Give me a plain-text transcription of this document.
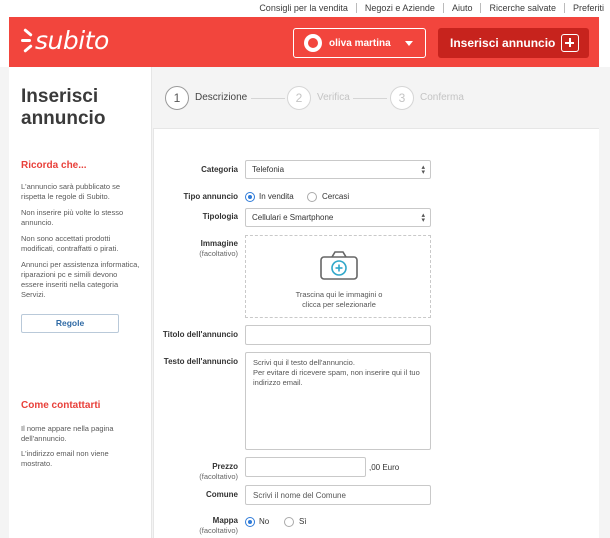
Consigli per la vendita Negozi e Aziende Aiuto Ricerche salvate Preferiti
subito	oliva martina	Inserisci annuncio
Inserisci annuncio
Ricorda che...
L'annuncio sarà pubblicato se rispetta le regole di Subito.
Non inserire più volte lo stesso annuncio.
Non sono accettati prodotti modificati, contraffatti o pirati.
Annunci per assistenza informatica, riparazioni pc e simili devono essere inseriti nella categoria Servizi.
Regole
Come contattarti
Il nome appare nella pagina dell'annuncio.
L'indirizzo email non viene mostrato.
1	Descrizione	2	Verifica	3	Conferma
Categoria	Telefonia	▴
▾
Tipo annuncio	In vendita	Cercasi
Tipologia	Cellulari e Smartphone	▴
▾
Immagine
(facoltativo)
Trascina qui le immagini o
clicca per selezionarle
Titolo dell'annuncio
Testo dell'annuncio Scrivi qui il testo dell'annuncio.
Per evitare di ricevere spam, non inserire qui il tuo
indirizzo email.
Prezzo
(facoltativo)
,00 Euro
Comune	Scrivi il nome del Comune
Mappa
(facoltativo)
No	Sì
